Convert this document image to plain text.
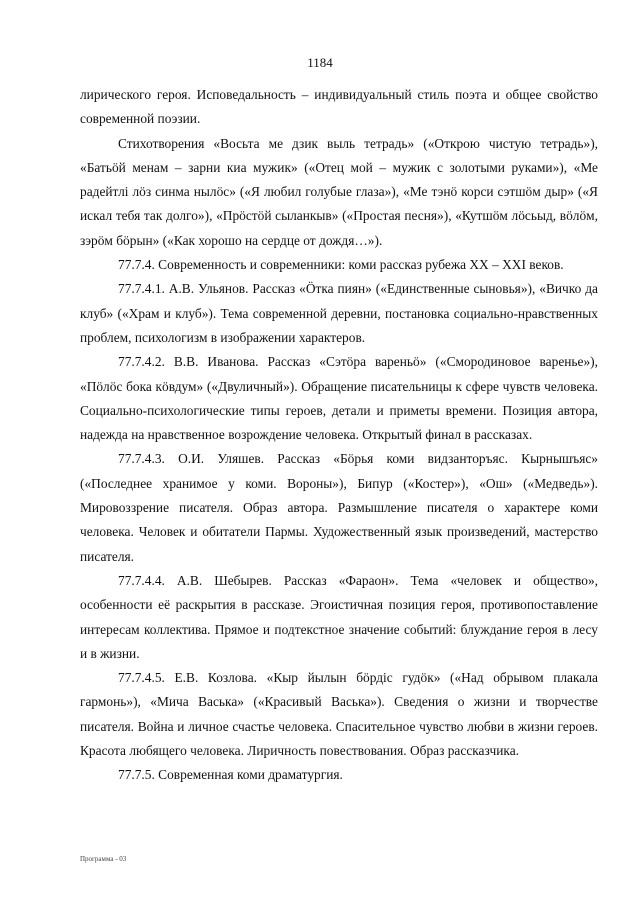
1184

лирического героя. Исповедальность – индивидуальный стиль поэта и общее свойство современной поэзии.

Стихотворения «Восьта ме дзик выль тетрадь» («Открою чистую тетрадь»), «Батьӧй менам – зарни киа мужик» («Отец мой – мужик с золотыми руками»), «Ме радейтлі лӧз синма нылӧс» («Я любил голубые глаза»), «Ме тэнӧ корси сэтшӧм дыр» («Я искал тебя так долго»), «Прӧстӧй сыланкыв» («Простая песня»), «Кутшӧм лӧсьыд, вӧлӧм, зэрӧм бӧрын» («Как хорошо на сердце от дождя…»).

77.7.4. Современность и современники: коми рассказ рубежа XX – XXI веков.

77.7.4.1. А.В. Ульянов. Рассказ «Ӧтка пиян» («Единственные сыновья»), «Вичко да клуб» («Храм и клуб»). Тема современной деревни, постановка социально-нравственных проблем, психологизм в изображении характеров.

77.7.4.2. В.В. Иванова. Рассказ «Сэтӧра вареньӧ» («Смородиновое варенье»), «Пӧлӧс бока кӧвдум» («Двуличный»). Обращение писательницы к сфере чувств человека. Социально-психологические типы героев, детали и приметы времени. Позиция автора, надежда на нравственное возрождение человека. Открытый финал в рассказах.

77.7.4.3. О.И. Уляшев. Рассказ «Бӧрья коми видзанторъяс. Кырнышъяс» («Последнее хранимое у коми. Вороны»), Бипур («Костер»), «Ош» («Медведь»). Мировоззрение писателя. Образ автора. Размышление писателя о характере коми человека. Человек и обитатели Пармы. Художественный язык произведений, мастерство писателя.

77.7.4.4. А.В. Шебырев. Рассказ «Фараон». Тема «человек и общество», особенности её раскрытия в рассказе. Эгоистичная позиция героя, противопоставление интересам коллектива. Прямое и подтекстное значение событий: блуждание героя в лесу и в жизни.

77.7.4.5. Е.В. Козлова. «Кыр йылын бӧрдіс гудӧк» («Над обрывом плакала гармонь»), «Мича Васька» («Красивый Васька»). Сведения о жизни и творчестве писателя. Война и личное счастье человека. Спасительное чувство любви в жизни героев. Красота любящего человека. Лиричность повествования. Образ рассказчика.

77.7.5. Современная коми драматургия.

Программа - 03
